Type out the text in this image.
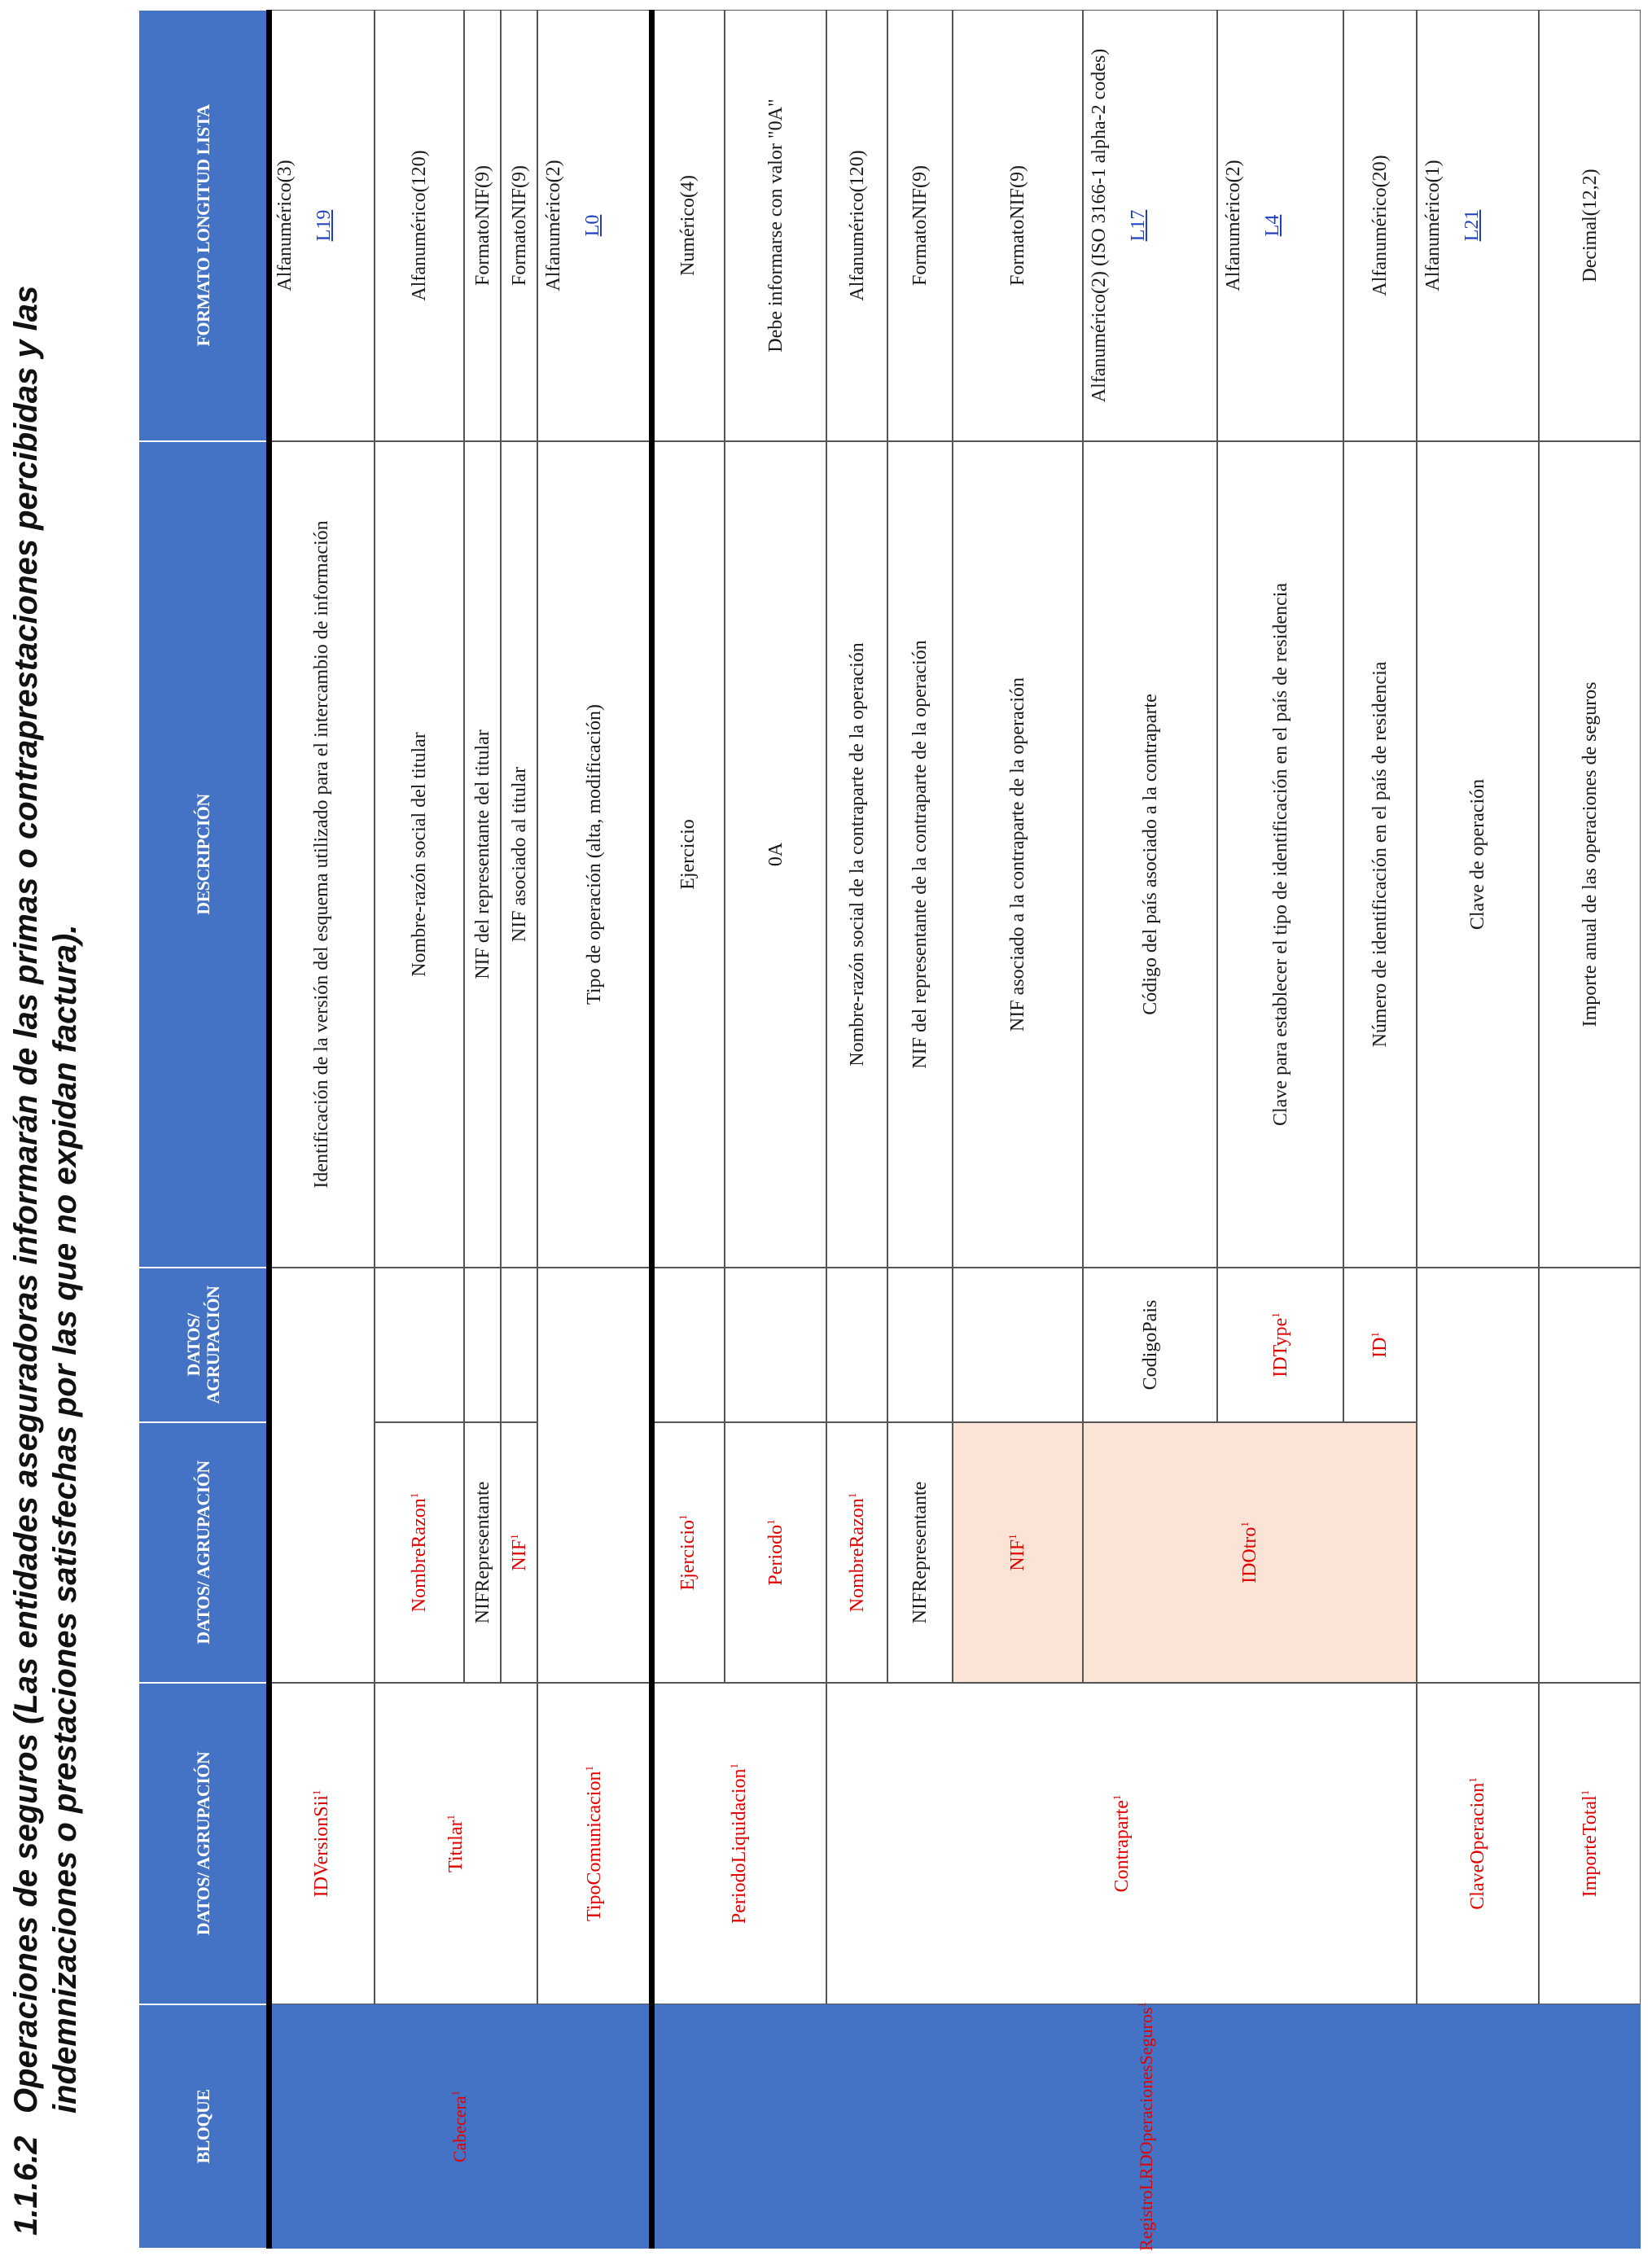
1.1.6.2
Operaciones de seguros (Las entidades aseguradoras informarán de las primas o contraprestaciones percibidas y las indemnizaciones o prestaciones satisfechas por las que no expidan factura).
BLOQUE
DATOS/ AGRUPACIÓN
DATOS/ AGRUPACIÓN
DATOS/ AGRUPACIÓN
DESCRIPCIÓN
FORMATO LONGITUD LISTA
Cabecera$^1$	RegistroLRDOperacionesSeguros$^1$
IDVersionSii$^1$
Identificación de la versión del esquema utilizado para el intercambio de información
Alfanumérico(3) L19
Titular$^1$
NombreRazon$^1$
Nombre-razón social del titular
Alfanumérico(120)
NIFRepresentante
NIF del representante del titular
FormatoNIF(9)
NIF$^1$
NIF asociado al titular
FormatoNIF(9)
TipoComunicacion$^1$
Tipo de operación (alta, modificación)
Alfanumérico(2) L0
PeriodoLiquidacion$^1$
Ejercicio$^1$
Ejercicio
Numérico(4)
Periodo$^1$
0A
Debe informarse con valor "0A"
Contraparte$^1$
NombreRazon$^1$
Nombre-razón social de la contraparte de la operación
Alfanumérico(120)
NIFRepresentante
NIF del representante de la contraparte de la operación
FormatoNIF(9)
NIF$^1$
NIF asociado a la contraparte de la operación
FormatoNIF(9)
IDOtro$^1$
CodigoPais
Código del país asociado a la contraparte
Alfanumérico(2) (ISO 3166-1 alpha-2 codes) L17
IDType$^1$
Clave para establecer el tipo de identificación en el país de residencia
Alfanumérico(2) L4
$ID^1$
Número de identificación en el país de residencia
Alfanumérico(20)
ClaveOperacion$^1$
Clave de operación
Alfanumérico(1) L21
ImporteTotal$^1$
Importe anual de las operaciones de seguros
Decimal(12,2)
